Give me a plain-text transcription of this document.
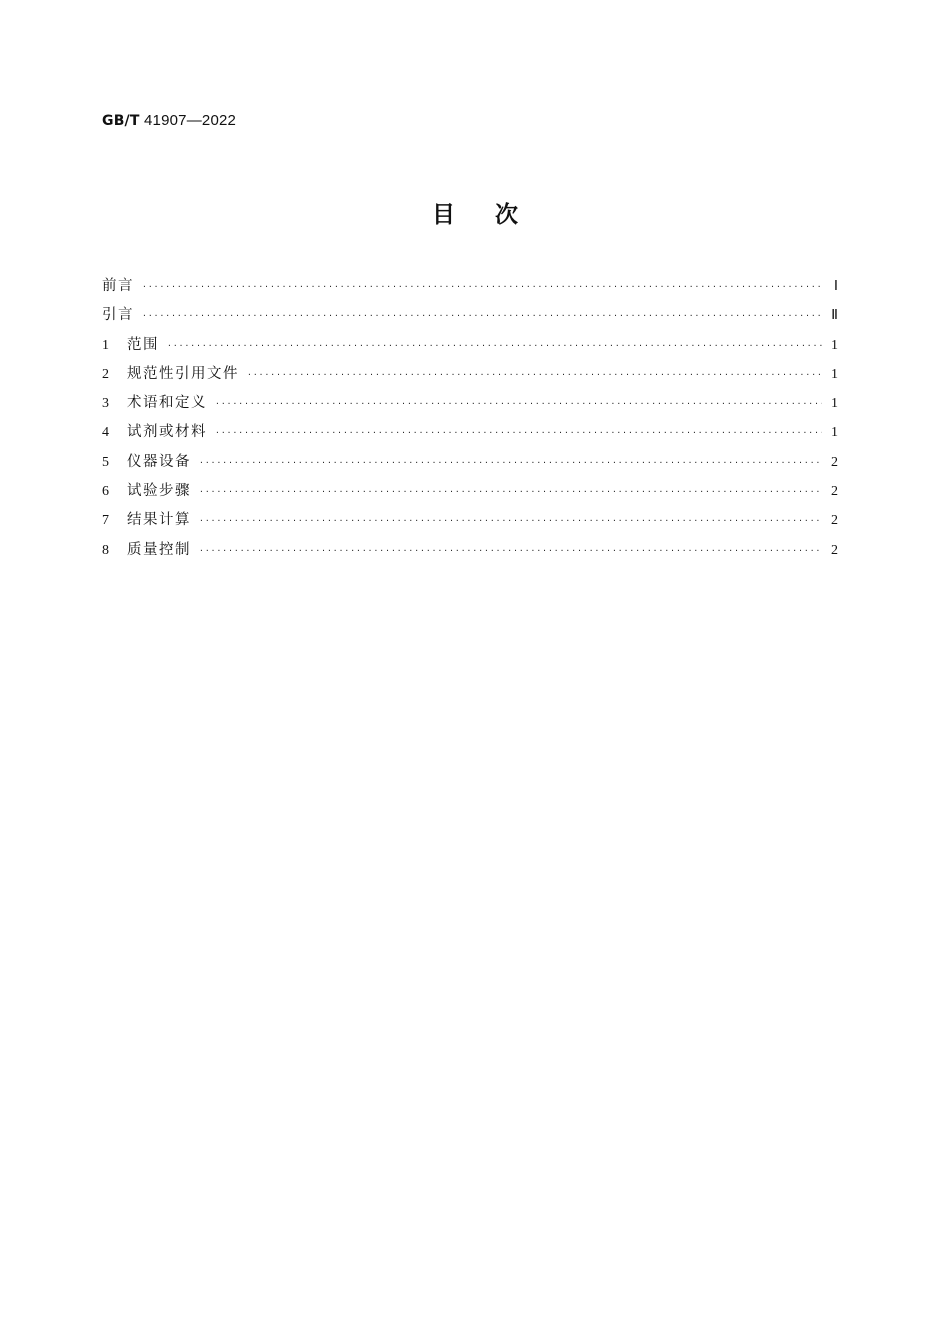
GB/T 41907—2022
目次
前言 ·····	Ⅰ
引言 ·····	Ⅱ
1	范围 ·····	1
2	规范性引用文件 ·····	1
3	术语和定义 ·····	1
4	试剂或材料 ·····	1
5	仪器设备 ·····	2
6	试验步骤 ·····	2
7	结果计算 ·····	2
8	质量控制 ·····	2
